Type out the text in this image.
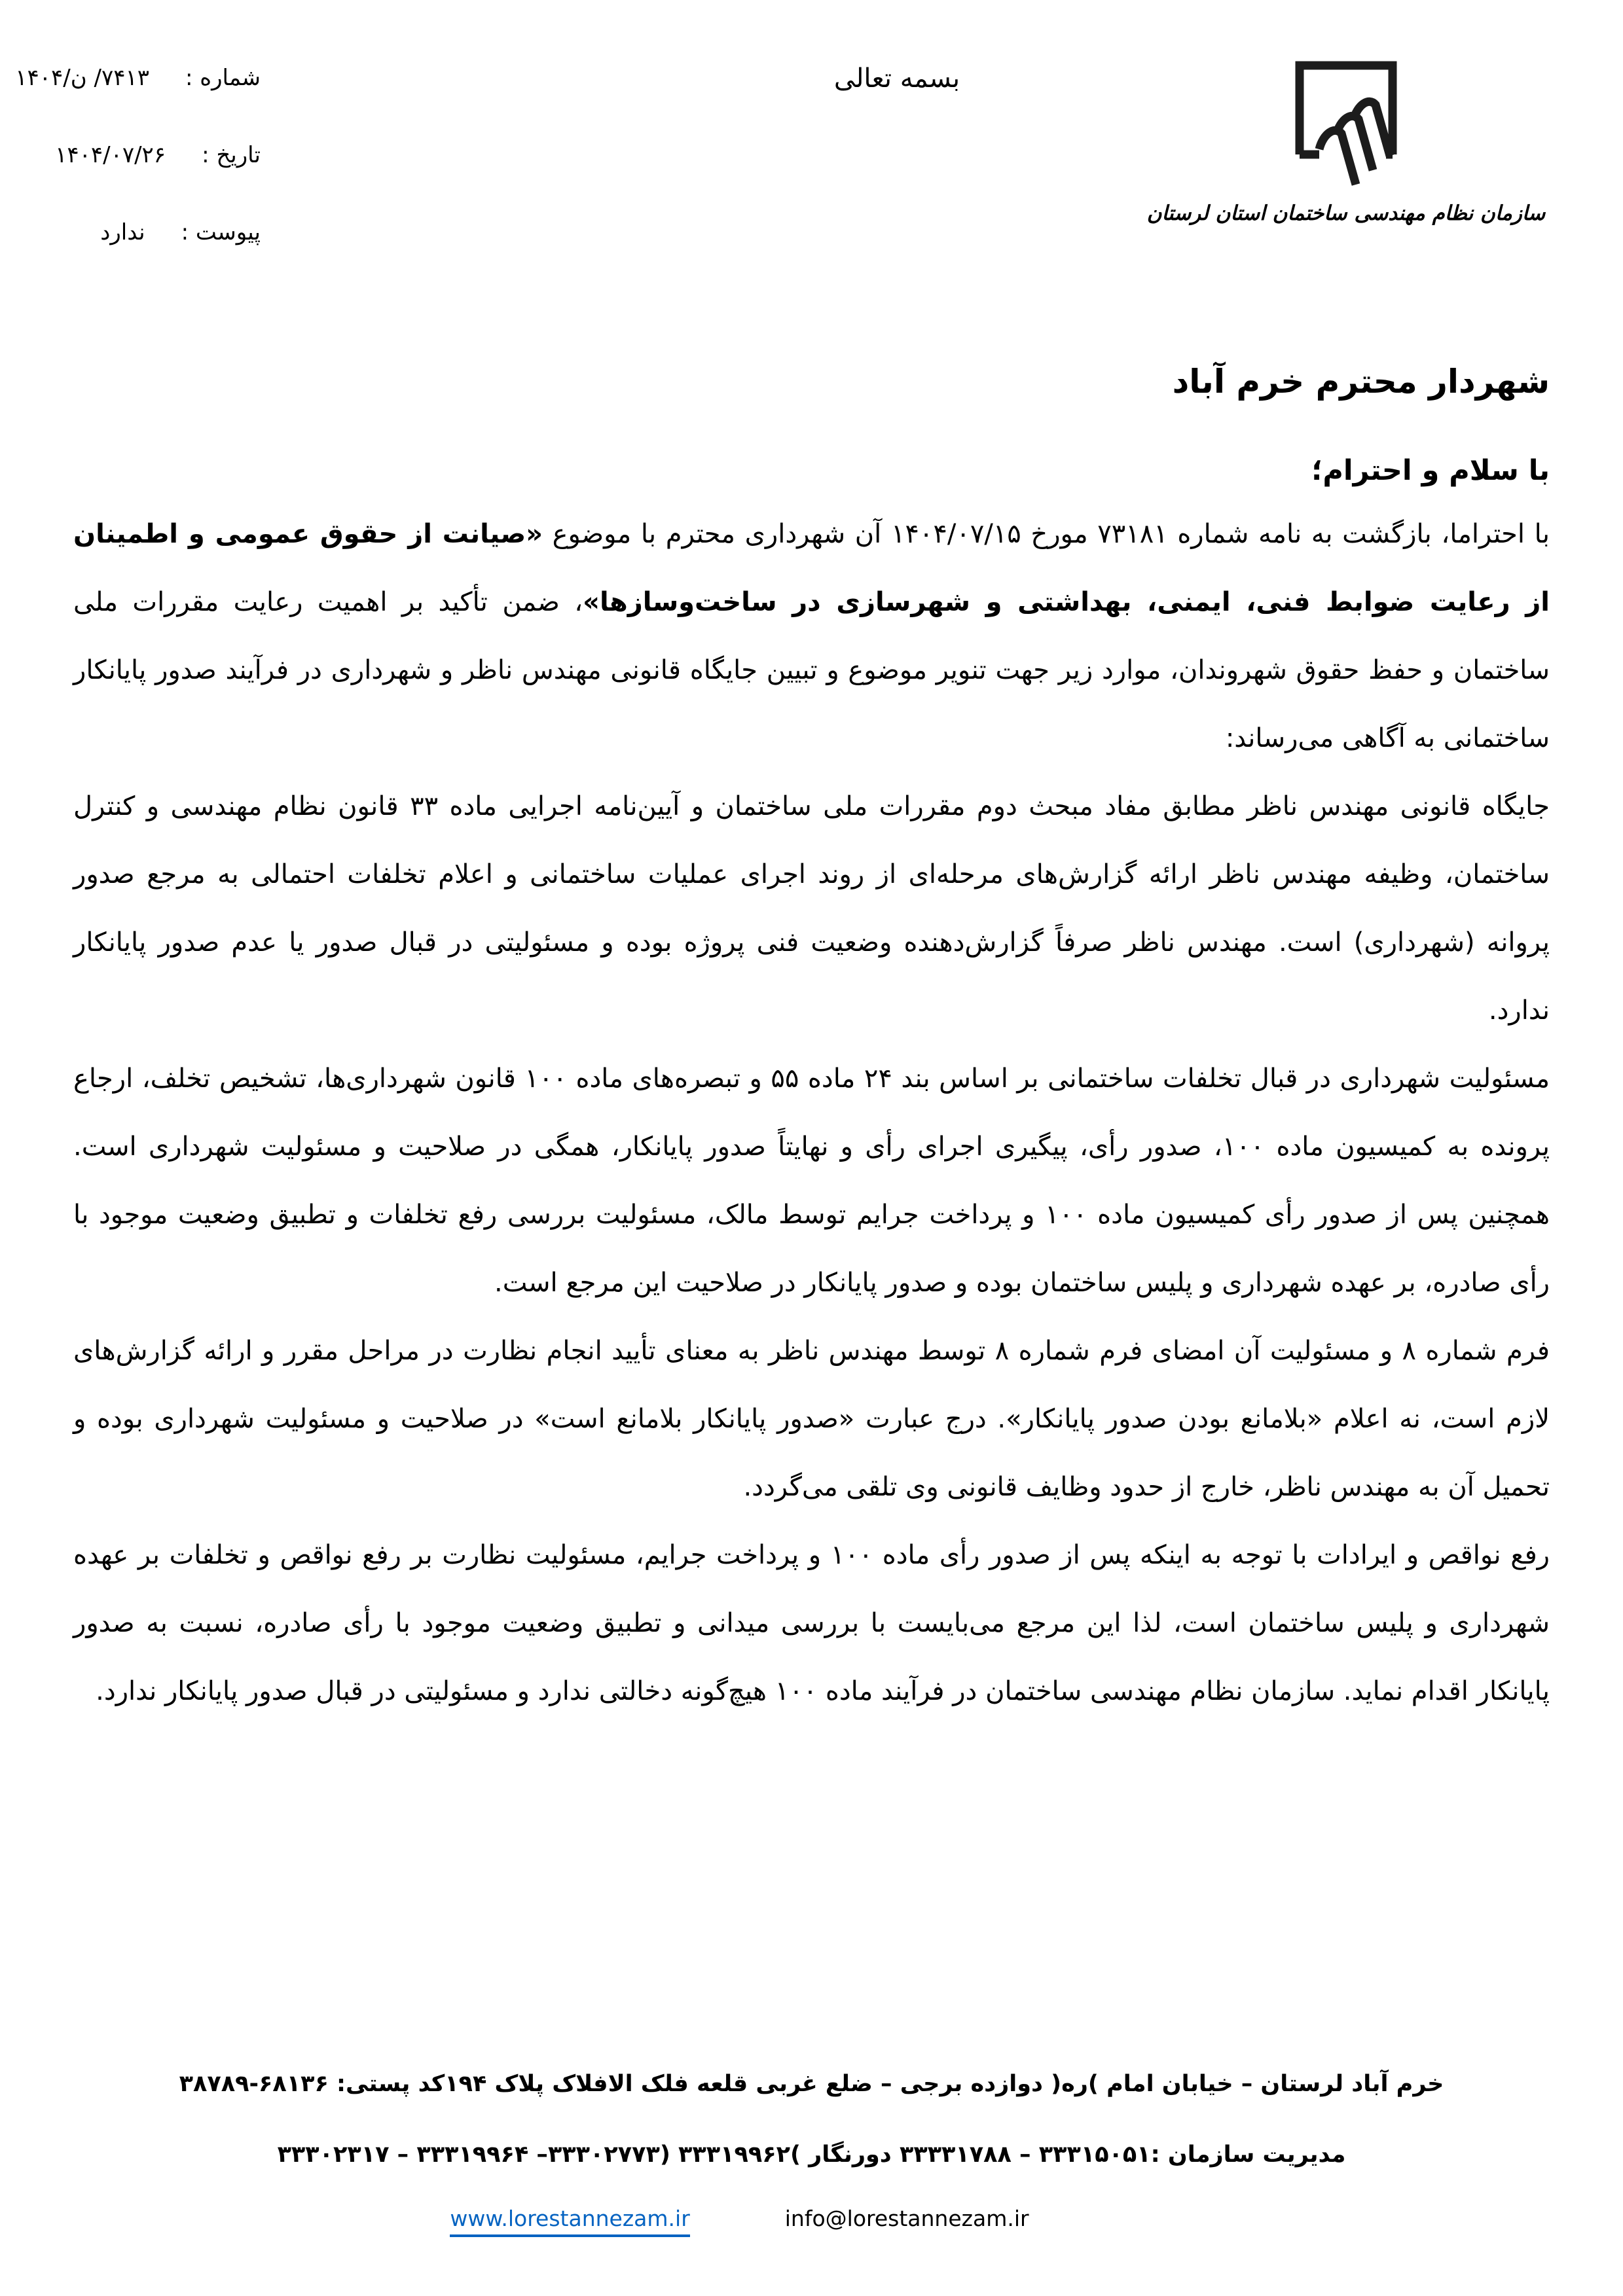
شماره :
۷۴۱۳/ ن/۱۴۰۴
تاریخ :
۱۴۰۴/۰۷/۲۶
پیوست :
ندارد
بسمه تعالی
سازمان نظام مهندسی ساختمان استان لرستان
شهردار محترم خرم آباد
با سلام و احترام؛

با احتراما، بازگشت به نامه شماره ۷۳۱۸۱ مورخ ۱۴۰۴/۰۷/۱۵ آن شهرداری محترم با موضوع «صیانت از حقوق عمومی و اطمینان از رعایت ضوابط فنی، ایمنی، بهداشتی و شهرسازی در ساخت‌وسازها»، ضمن تأکید بر اهمیت رعایت مقررات ملی ساختمان و حفظ حقوق شهروندان، موارد زیر جهت تنویر موضوع و تبیین جایگاه قانونی مهندس ناظر و شهرداری در فرآیند صدور پایانکار ساختمانی به آگاهی می‌رساند:

جایگاه قانونی مهندس ناظر مطابق مفاد مبحث دوم مقررات ملی ساختمان و آیین‌نامه اجرایی ماده ۳۳ قانون نظام مهندسی و کنترل ساختمان، وظیفه مهندس ناظر ارائه گزارش‌های مرحله‌ای از روند اجرای عملیات ساختمانی و اعلام تخلفات احتمالی به مرجع صدور پروانه (شهرداری) است. مهندس ناظر صرفاً گزارش‌دهنده وضعیت فنی پروژه بوده و مسئولیتی در قبال صدور یا عدم صدور پایانکار ندارد.

مسئولیت شهرداری در قبال تخلفات ساختمانی بر اساس بند ۲۴ ماده ۵۵ و تبصره‌های ماده ۱۰۰ قانون شهرداری‌ها، تشخیص تخلف، ارجاع پرونده به کمیسیون ماده ۱۰۰، صدور رأی، پیگیری اجرای رأی و نهایتاً صدور پایانکار، همگی در صلاحیت و مسئولیت شهرداری است. همچنین پس از صدور رأی کمیسیون ماده ۱۰۰ و پرداخت جرایم توسط مالک، مسئولیت بررسی رفع تخلفات و تطبیق وضعیت موجود با رأی صادره، بر عهده شهرداری و پلیس ساختمان بوده و صدور پایانکار در صلاحیت این مرجع است.

فرم شماره ۸ و مسئولیت آن امضای فرم شماره ۸ توسط مهندس ناظر به معنای تأیید انجام نظارت در مراحل مقرر و ارائه گزارش‌های لازم است، نه اعلام «بلامانع بودن صدور پایانکار». درج عبارت «صدور پایانکار بلامانع است» در صلاحیت و مسئولیت شهرداری بوده و تحمیل آن به مهندس ناظر، خارج از حدود وظایف قانونی وی تلقی می‌گردد.

رفع نواقص و ایرادات با توجه به اینکه پس از صدور رأی ماده ۱۰۰ و پرداخت جرایم، مسئولیت نظارت بر رفع نواقص و تخلفات بر عهده شهرداری و پلیس ساختمان است، لذا این مرجع می‌بایست با بررسی میدانی و تطبیق وضعیت موجود با رأی صادره، نسبت به صدور پایانکار اقدام نماید. سازمان نظام مهندسی ساختمان در فرآیند ماده ۱۰۰ هیچ‌گونه دخالتی ندارد و مسئولیتی در قبال صدور پایانکار ندارد.

خرم آباد لرستان – خیابان امام )ره( دوازده برجی – ضلع غربی قلعه فلک الافلاک پلاک ۱۹۴کد پستی: ۶۸۱۳۶-۳۸۷۸۹
مدیریت سازمان :۳۳۳۱۵۰۵۱ – ۳۳۳۳۱۷۸۸ دورنگار )۳۳۳۱۹۹۶۲ (۳۳۳۰۲۷۷۳– ۳۳۳۱۹۹۶۴ – ۳۳۳۰۲۳۱۷
www.lorestannezam.ir	info@lorestannezam.ir
